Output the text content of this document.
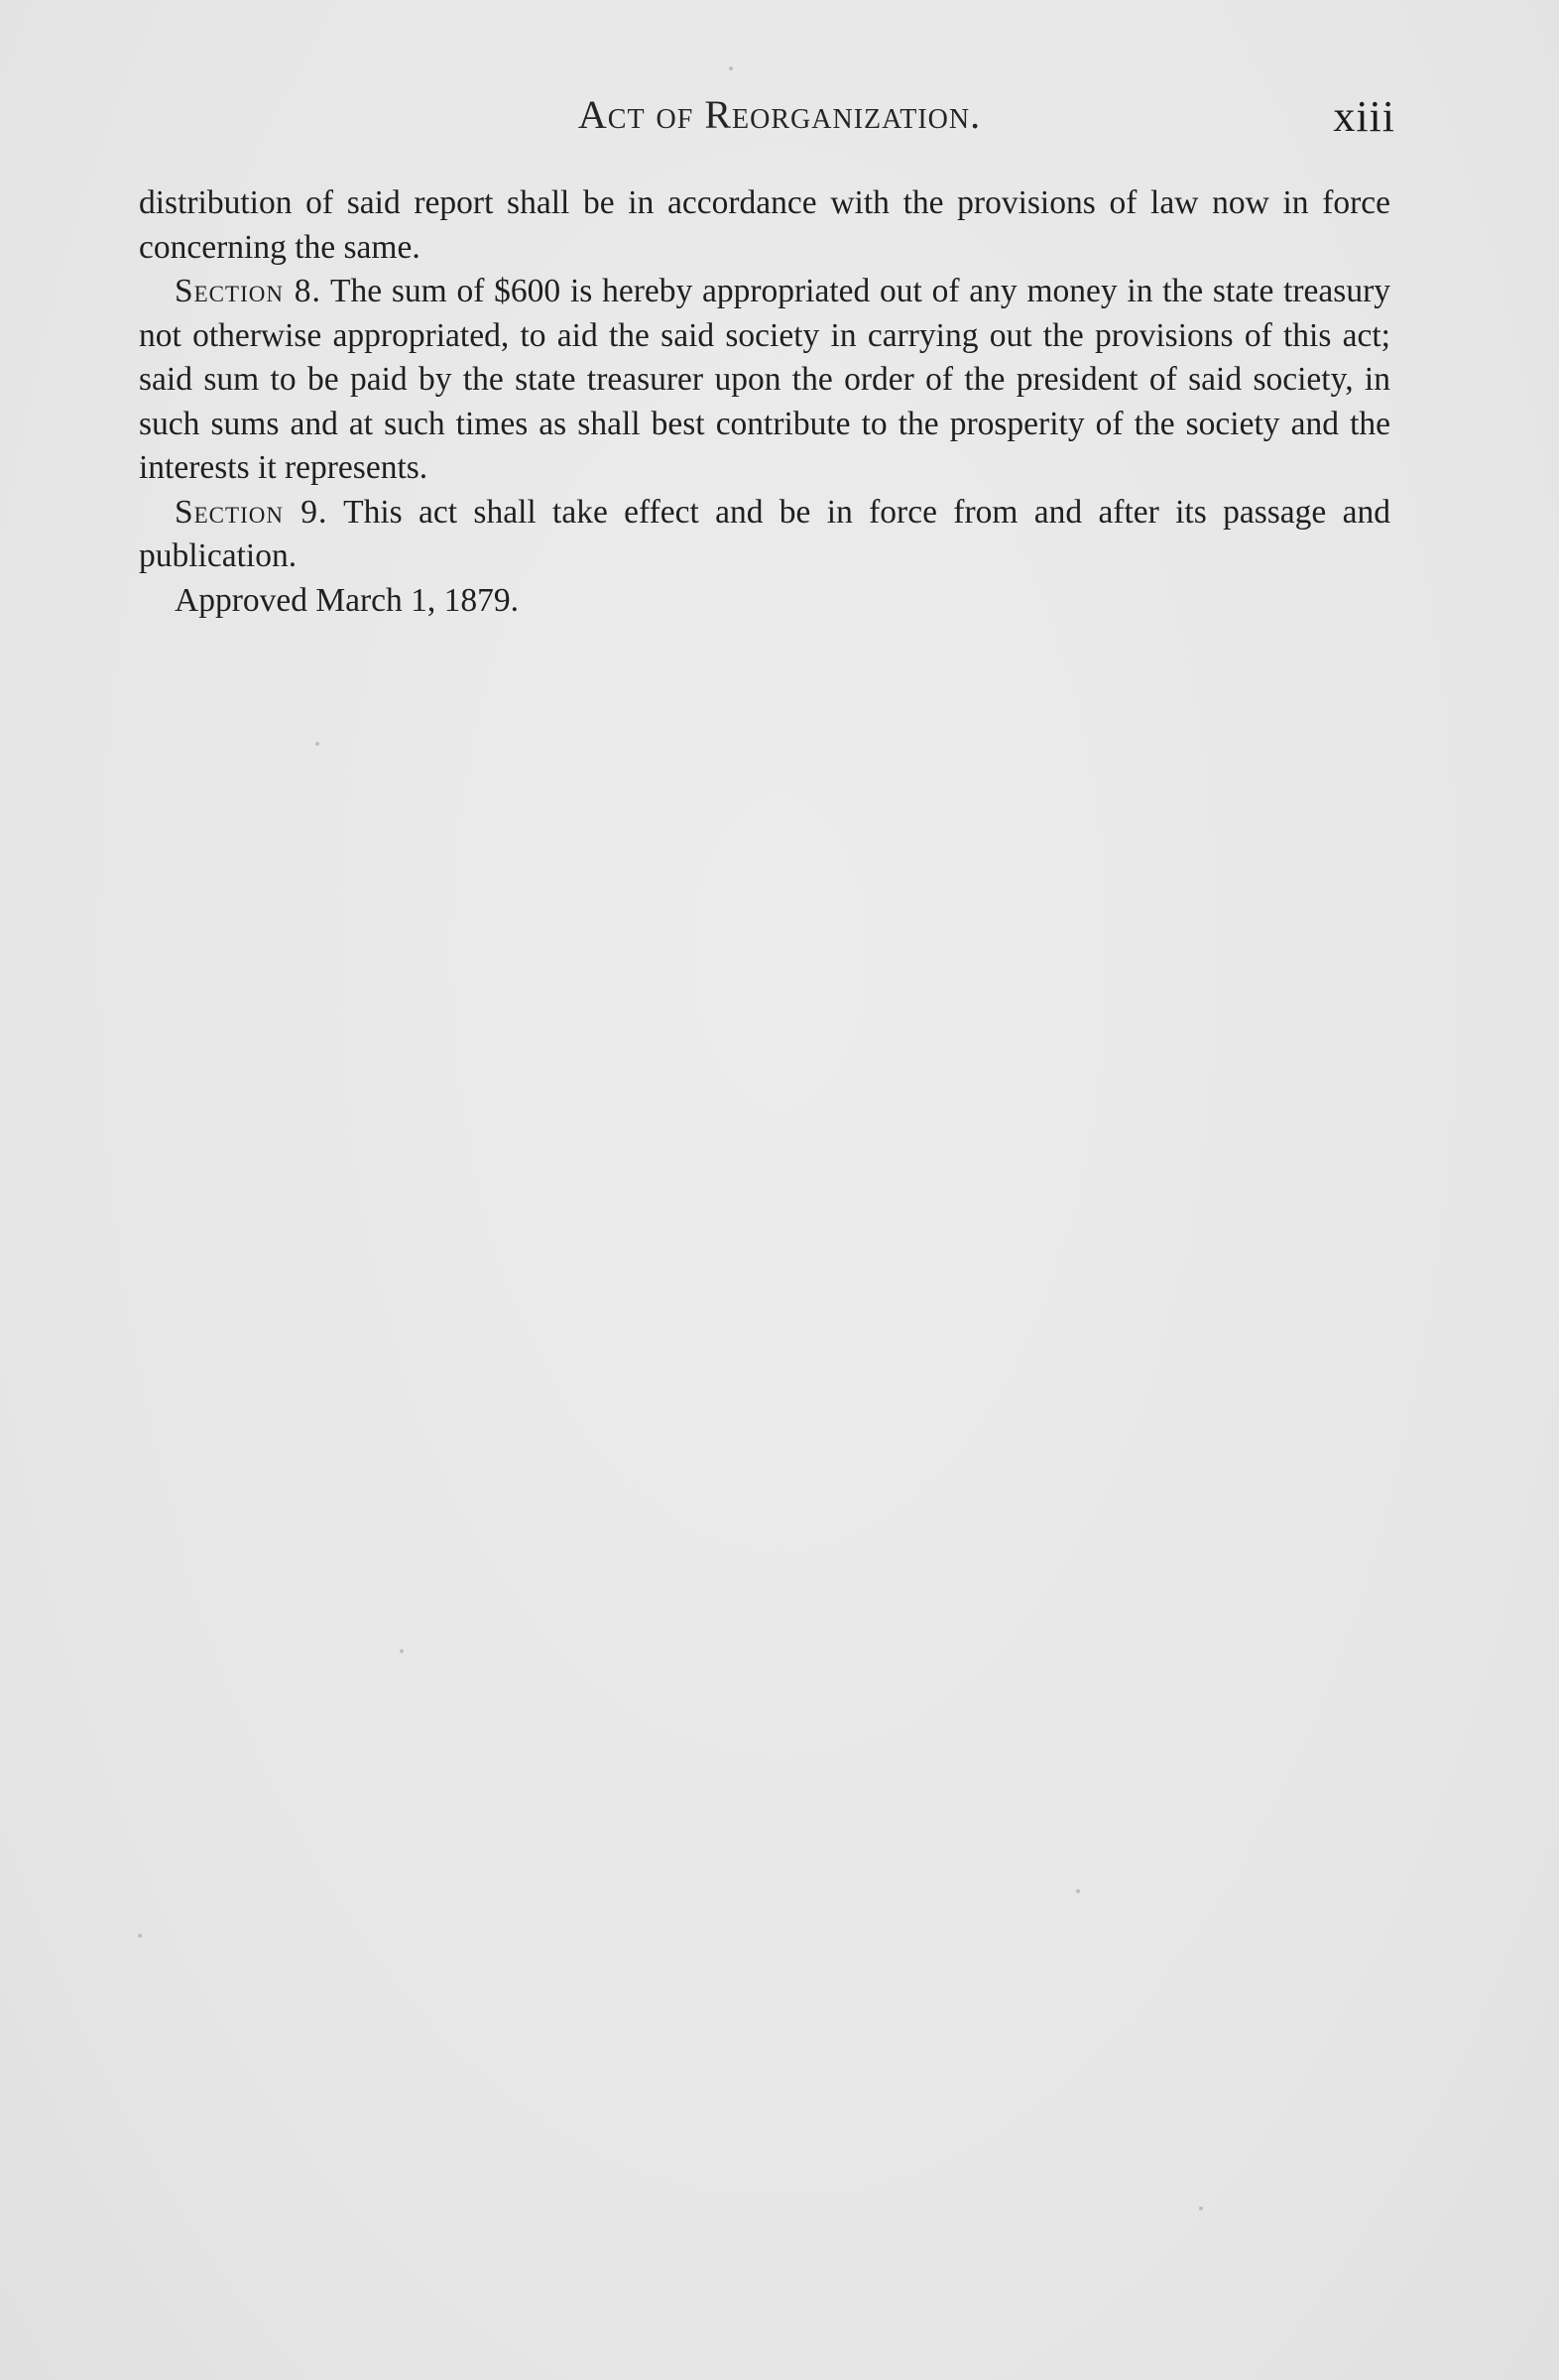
Act of Reorganization.	xiii

distribution of said report shall be in accordance with the provisions of law now in force concerning the same.

Section 8. The sum of $600 is hereby appropriated out of any money in the state treasury not otherwise appropriated, to aid the said society in carrying out the provisions of this act; said sum to be paid by the state treasurer upon the order of the president of said society, in such sums and at such times as shall best contribute to the prosperity of the society and the interests it represents.

Section 9. This act shall take effect and be in force from and after its passage and publication.

Approved March 1, 1879.
